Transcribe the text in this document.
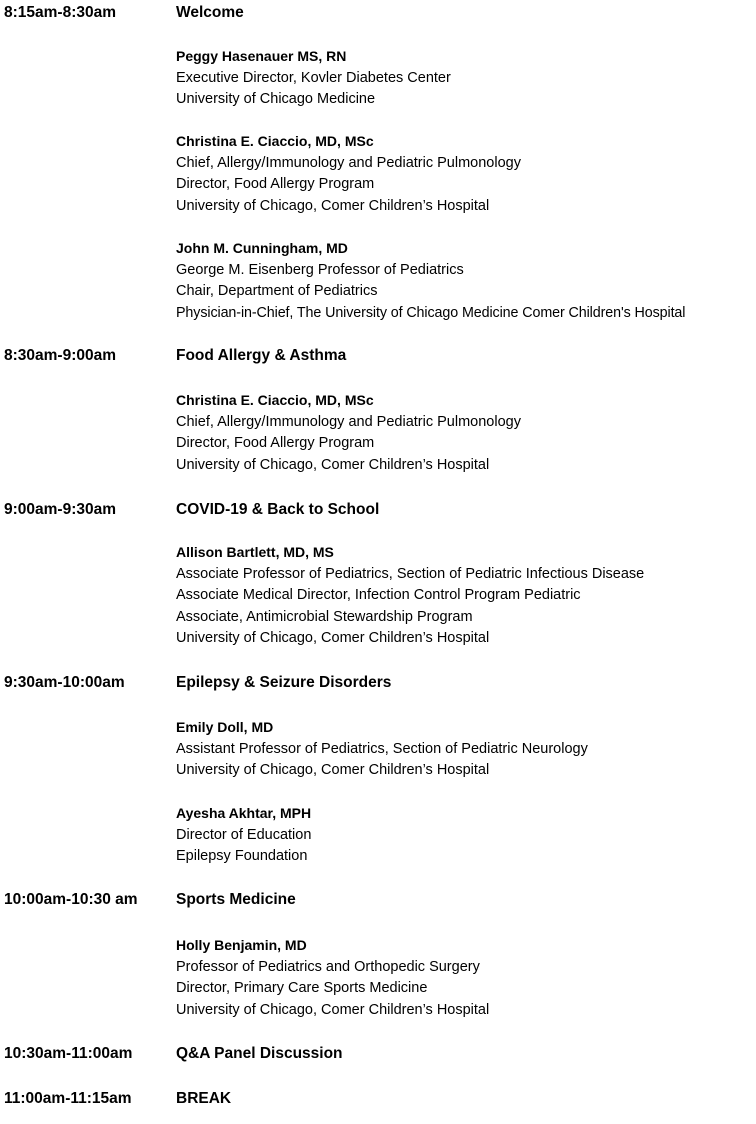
8:15am-8:30am	Welcome
Peggy Hasenauer MS, RN
Executive Director, Kovler Diabetes Center
University of Chicago Medicine
Christina E. Ciaccio, MD, MSc
Chief, Allergy/Immunology and Pediatric Pulmonology
Director, Food Allergy Program
University of Chicago, Comer Children’s Hospital
John M. Cunningham, MD
George M. Eisenberg Professor of Pediatrics
Chair, Department of Pediatrics
Physician-in-Chief, The University of Chicago Medicine Comer Children's Hospital
8:30am-9:00am	Food Allergy & Asthma
Christina E. Ciaccio, MD, MSc
Chief, Allergy/Immunology and Pediatric Pulmonology
Director, Food Allergy Program
University of Chicago, Comer Children’s Hospital
9:00am-9:30am	COVID-19 & Back to School
Allison Bartlett, MD, MS
Associate Professor of Pediatrics, Section of Pediatric Infectious Disease
Associate Medical Director, Infection Control Program Pediatric
Associate, Antimicrobial Stewardship Program
University of Chicago, Comer Children’s Hospital
9:30am-10:00am	Epilepsy & Seizure Disorders
Emily Doll, MD
Assistant Professor of Pediatrics, Section of Pediatric Neurology
University of Chicago, Comer Children’s Hospital
Ayesha Akhtar, MPH
Director of Education
Epilepsy Foundation
10:00am-10:30 am Sports Medicine
Holly Benjamin, MD
Professor of Pediatrics and Orthopedic Surgery
Director, Primary Care Sports Medicine
University of Chicago, Comer Children’s Hospital
10:30am-11:00am	Q&A Panel Discussion
11:00am-11:15am	BREAK
